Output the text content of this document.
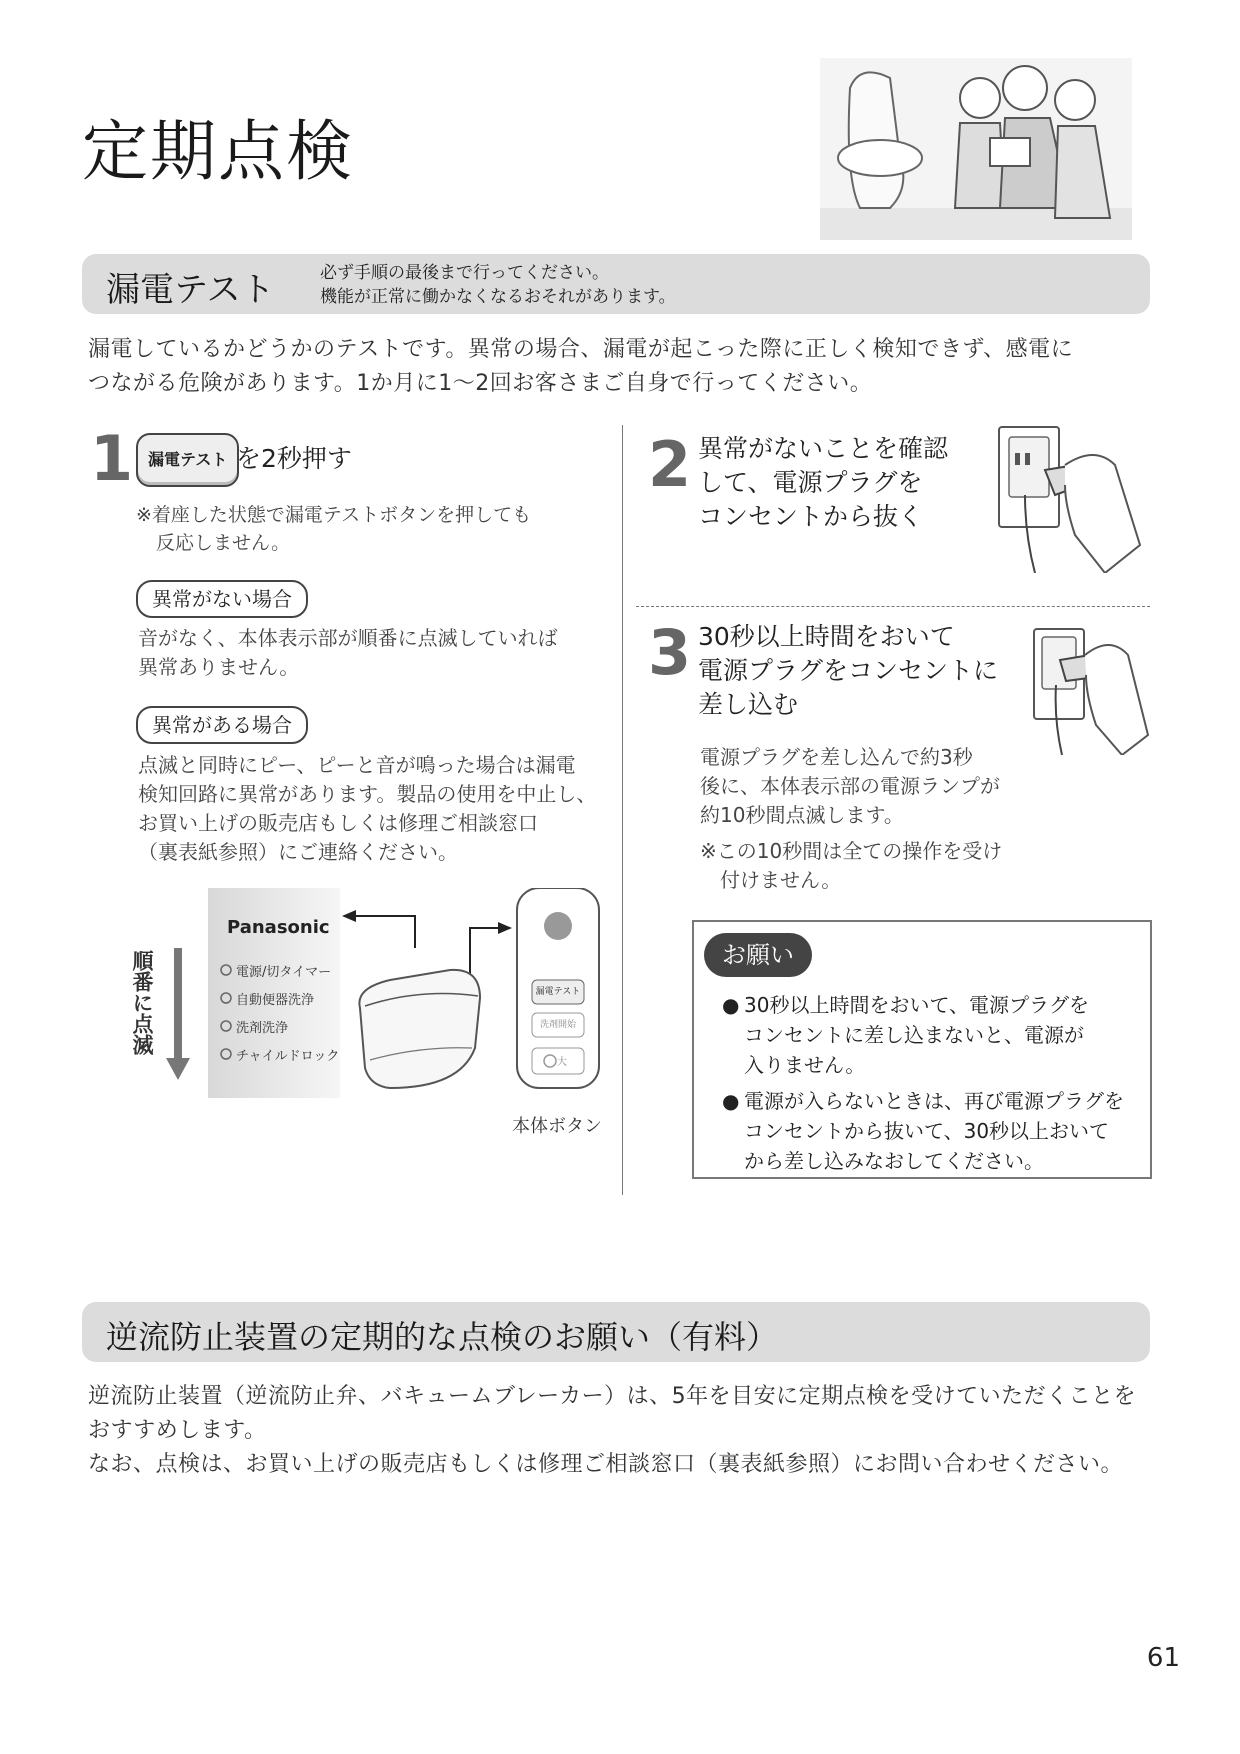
定期点検
漏電テスト	必ず手順の最後まで行ってください。
機能が正常に働かなくなるおそれがあります。
漏電しているかどうかのテストです。異常の場合、漏電が起こった際に正しく検知できず、感電に
つながる危険があります。1か月に1～2回お客さまご自身で行ってください。
1 漏電テスト を2秒押す
※着座した状態で漏電テストボタンを押しても
反応しません。
異常がない場合
音がなく、本体表示部が順番に点滅していれば
異常ありません。
異常がある場合
点滅と同時にピー、ピーと音が鳴った場合は漏電
検知回路に異常があります。製品の使用を中止し、
お買い上げの販売店もしくは修理ご相談窓口
（裏表紙参照）にご連絡ください。
順番に点滅
Panasonic
電源/切タイマー
自動便器洗浄
洗剤洗浄
チャイルドロック
漏電テスト
洗剤開始
大
本体ボタン
2 異常がないことを確認
して、電源プラグを
コンセントから抜く
3 30秒以上時間をおいて
電源プラグをコンセントに
差し込む
電源プラグを差し込んで約3秒
後に、本体表示部の電源ランプが
約10秒間点滅します。
※この10秒間は全ての操作を受け
付けません。
お願い
● 30秒以上時間をおいて、電源プラグを
コンセントに差し込まないと、電源が
入りません。
● 電源が入らないときは、再び電源プラグを
コンセントから抜いて、30秒以上おいて
から差し込みなおしてください。
逆流防止装置の定期的な点検のお願い（有料）
逆流防止装置（逆流防止弁、バキュームブレーカー）は、5年を目安に定期点検を受けていただくことを
おすすめします。
なお、点検は、お買い上げの販売店もしくは修理ご相談窓口（裏表紙参照）にお問い合わせください。
61
